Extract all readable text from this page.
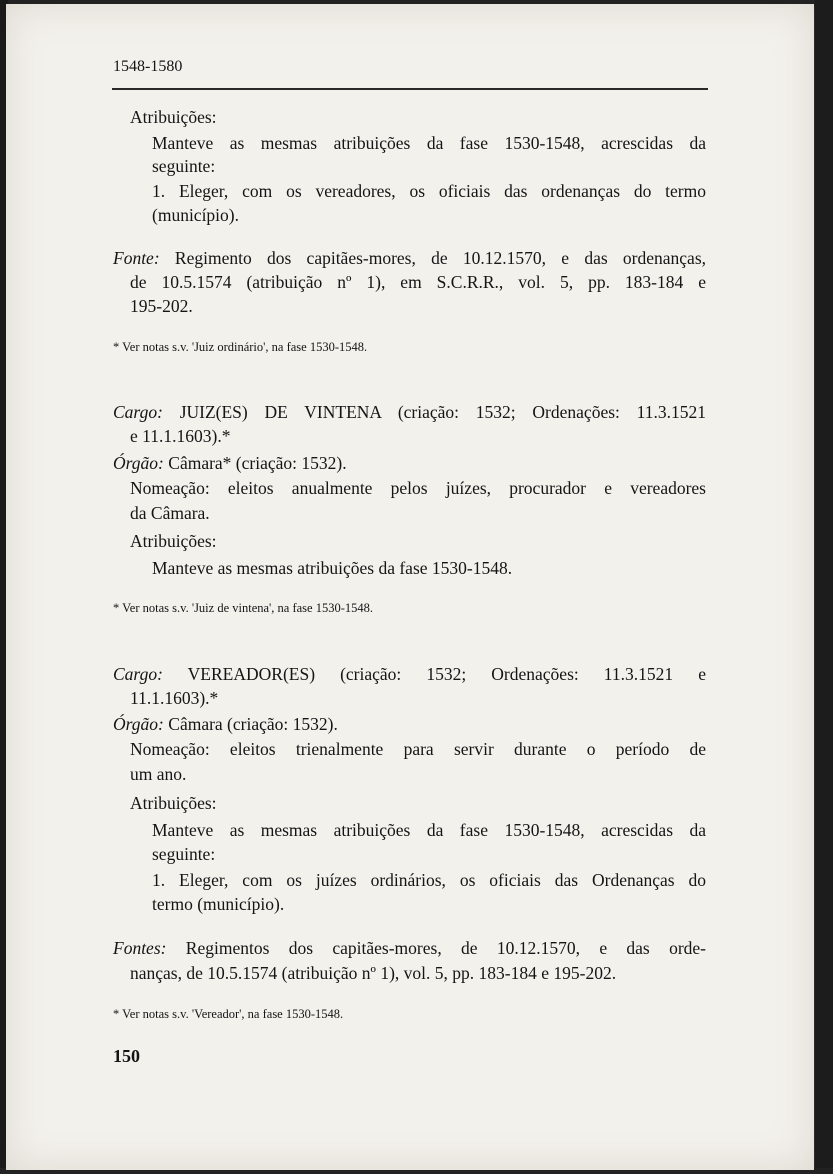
1548-1580
Atribuições:
Manteve as mesmas atribuições da fase 1530-1548, acrescidas da
seguinte:
1. Eleger, com os vereadores, os oficiais das ordenanças do termo
(município).
Fonte: Regimento dos capitães-mores, de 10.12.1570, e das ordenanças,
de 10.5.1574 (atribuição nº 1), em S.C.R.R., vol. 5, pp. 183-184 e
195-202.
* Ver notas s.v. 'Juiz ordinário', na fase 1530-1548.
Cargo: JUIZ(ES) DE VINTENA (criação: 1532; Ordenações: 11.3.1521
e 11.1.1603).*
Órgão: Câmara* (criação: 1532).
Nomeação: eleitos anualmente pelos juízes, procurador e vereadores
da Câmara.
Atribuições:
Manteve as mesmas atribuições da fase 1530-1548.
* Ver notas s.v. 'Juiz de vintena', na fase 1530-1548.
Cargo: VEREADOR(ES) (criação: 1532; Ordenações: 11.3.1521 e
11.1.1603).*
Órgão: Câmara (criação: 1532).
Nomeação: eleitos trienalmente para servir durante o período de
um ano.
Atribuições:
Manteve as mesmas atribuições da fase 1530-1548, acrescidas da
seguinte:
1. Eleger, com os juízes ordinários, os oficiais das Ordenanças do
termo (município).
Fontes: Regimentos dos capitães-mores, de 10.12.1570, e das orde-
nanças, de 10.5.1574 (atribuição nº 1), vol. 5, pp. 183-184 e 195-202.
* Ver notas s.v. 'Vereador', na fase 1530-1548.
150
